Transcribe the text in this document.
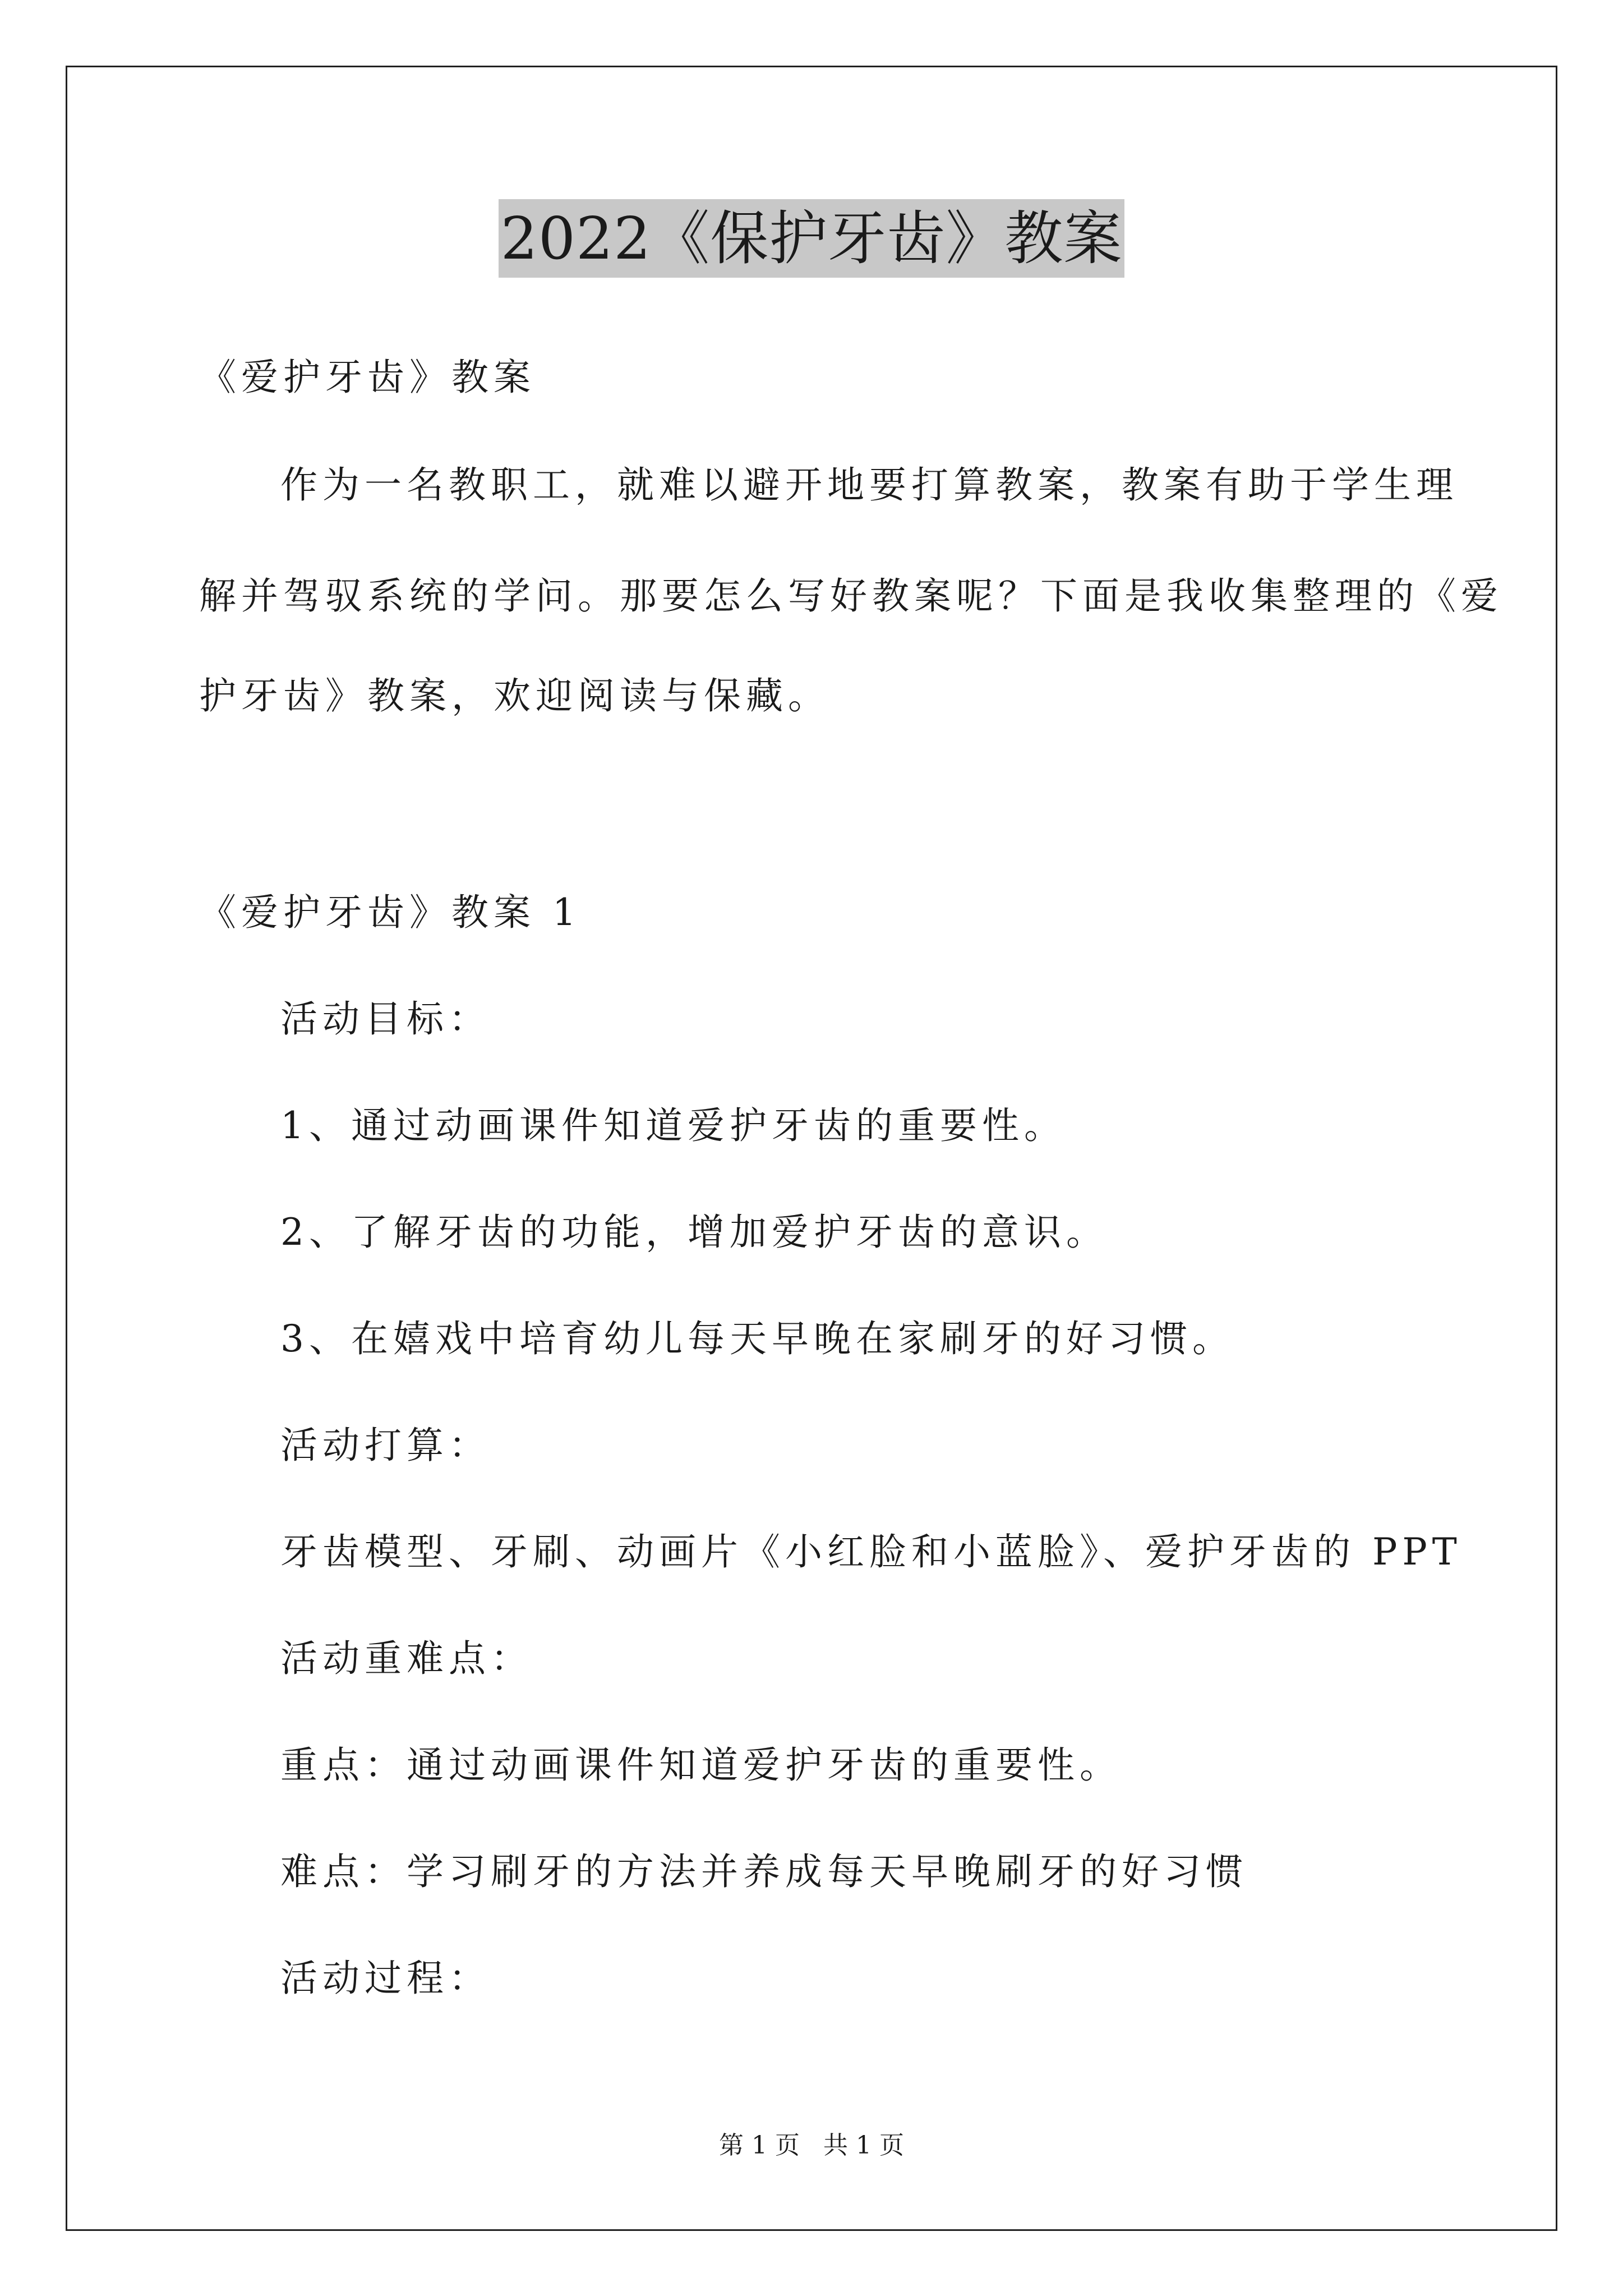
2022《保护牙齿》教案
《爱护牙齿》教案
作为一名教职工，就难以避开地要打算教案，教案有助于学生理
解并驾驭系统的学问。那要怎么写好教案呢？下面是我收集整理的《爱
护牙齿》教案，欢迎阅读与保藏。
《爱护牙齿》教案 1
活动目标：
1、通过动画课件知道爱护牙齿的重要性。
2、了解牙齿的功能，增加爱护牙齿的意识。
3、在嬉戏中培育幼儿每天早晚在家刷牙的好习惯。
活动打算：
牙齿模型、牙刷、动画片《小红脸和小蓝脸》、爱护牙齿的 PPT
活动重难点：
重点：通过动画课件知道爱护牙齿的重要性。
难点：学习刷牙的方法并养成每天早晚刷牙的好习惯
活动过程：
第 1 页   共 1 页
